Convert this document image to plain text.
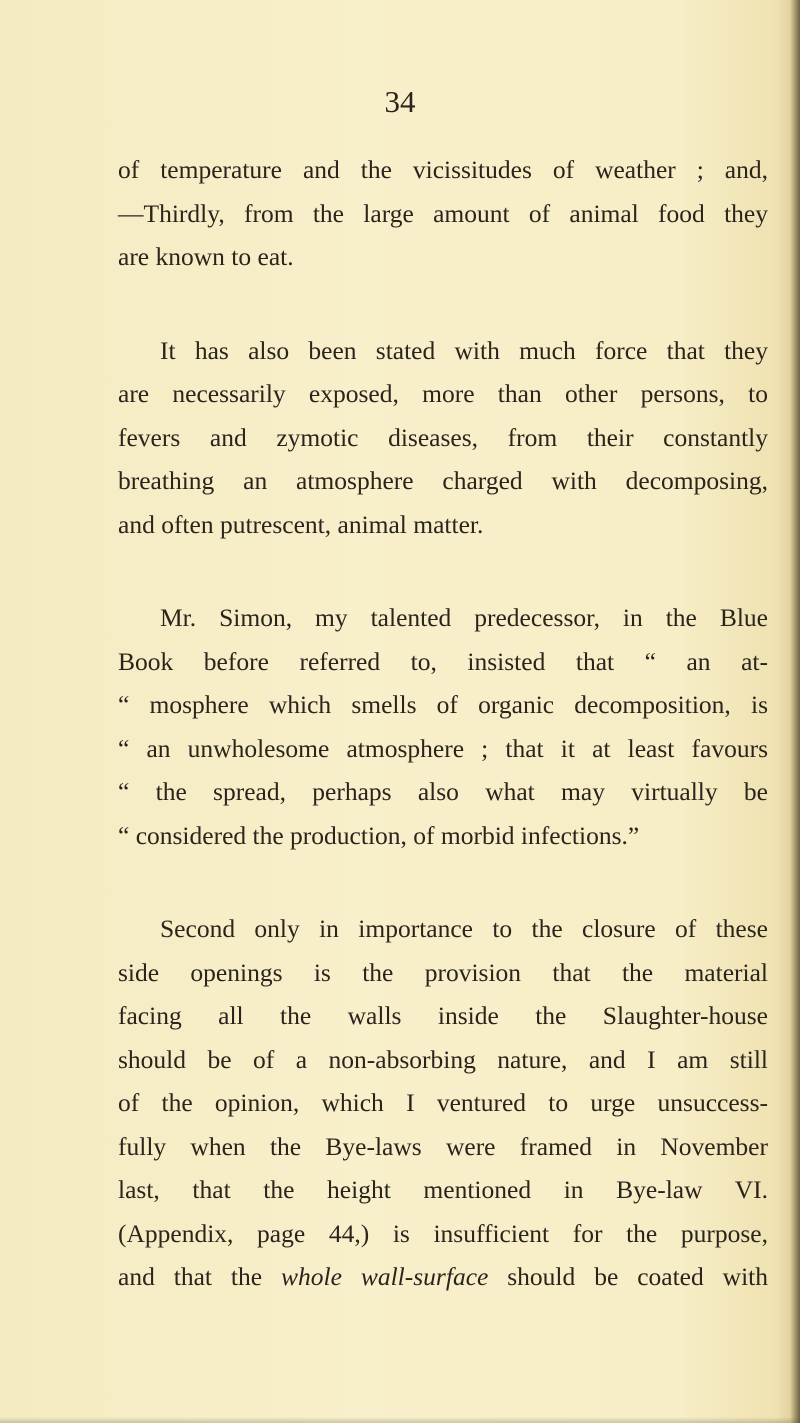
34
of temperature and the vicissitudes of weather ; and,
—Thirdly, from the large amount of animal food they
are known to eat.
It has also been stated with much force that they
are necessarily exposed, more than other persons, to
fevers and zymotic diseases, from their constantly
breathing an atmosphere charged with decomposing,
and often putrescent, animal matter.
Mr. Simon, my talented predecessor, in the Blue
Book before referred to, insisted that “ an at-
“ mosphere which smells of organic decomposition, is
“ an unwholesome atmosphere ; that it at least favours
“ the spread, perhaps also what may virtually be
“ considered the production, of morbid infections.”
Second only in importance to the closure of these
side openings is the provision that the material
facing all the walls inside the Slaughter-house
should be of a non-absorbing nature, and I am still
of the opinion, which I ventured to urge unsuccess-
fully when the Bye-laws were framed in November
last, that the height mentioned in Bye-law VI.
(Appendix, page 44,) is insufficient for the purpose,
and that the whole wall-surface should be coated with
